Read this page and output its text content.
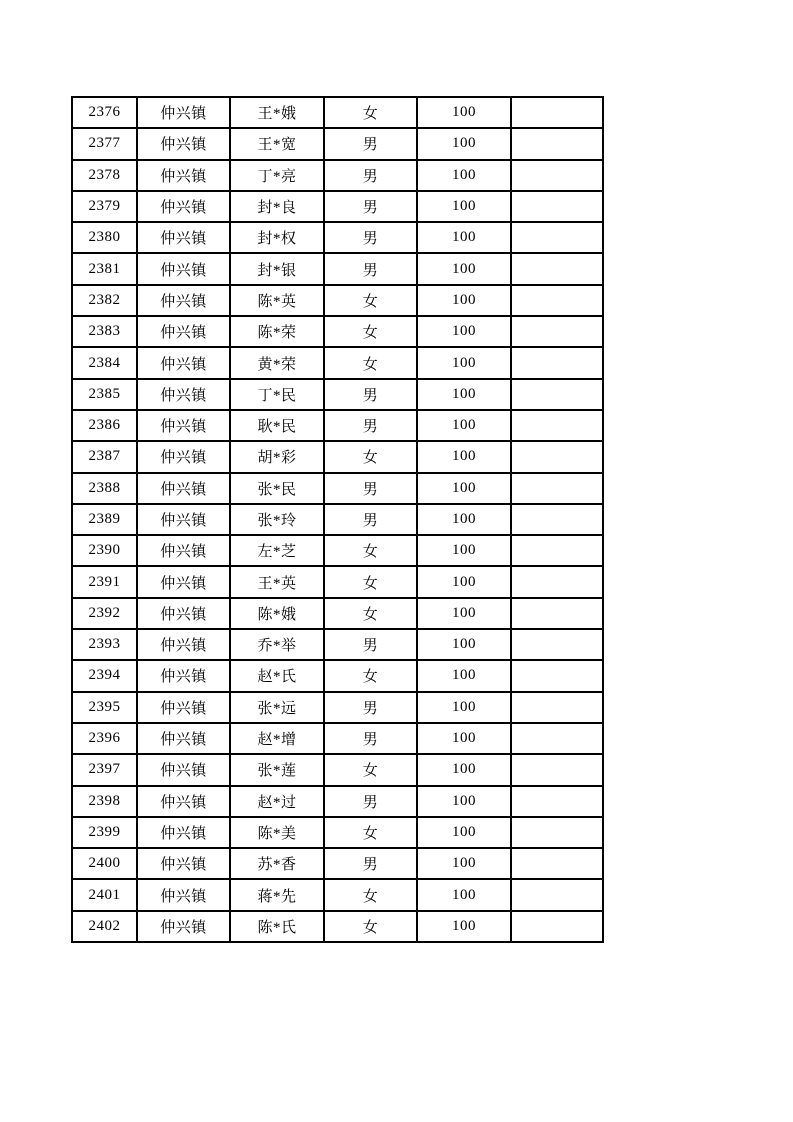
2376	仲兴镇	王*娥	女	100	
2377	仲兴镇	王*宽	男	100	
2378	仲兴镇	丁*亮	男	100	
2379	仲兴镇	封*良	男	100	
2380	仲兴镇	封*权	男	100	
2381	仲兴镇	封*银	男	100	
2382	仲兴镇	陈*英	女	100	
2383	仲兴镇	陈*荣	女	100	
2384	仲兴镇	黄*荣	女	100	
2385	仲兴镇	丁*民	男	100	
2386	仲兴镇	耿*民	男	100	
2387	仲兴镇	胡*彩	女	100	
2388	仲兴镇	张*民	男	100	
2389	仲兴镇	张*玲	男	100	
2390	仲兴镇	左*芝	女	100	
2391	仲兴镇	王*英	女	100	
2392	仲兴镇	陈*娥	女	100	
2393	仲兴镇	乔*举	男	100	
2394	仲兴镇	赵*氏	女	100	
2395	仲兴镇	张*远	男	100	
2396	仲兴镇	赵*增	男	100	
2397	仲兴镇	张*莲	女	100	
2398	仲兴镇	赵*过	男	100	
2399	仲兴镇	陈*美	女	100	
2400	仲兴镇	苏*香	男	100	
2401	仲兴镇	蒋*先	女	100	
2402	仲兴镇	陈*氏	女	100	
